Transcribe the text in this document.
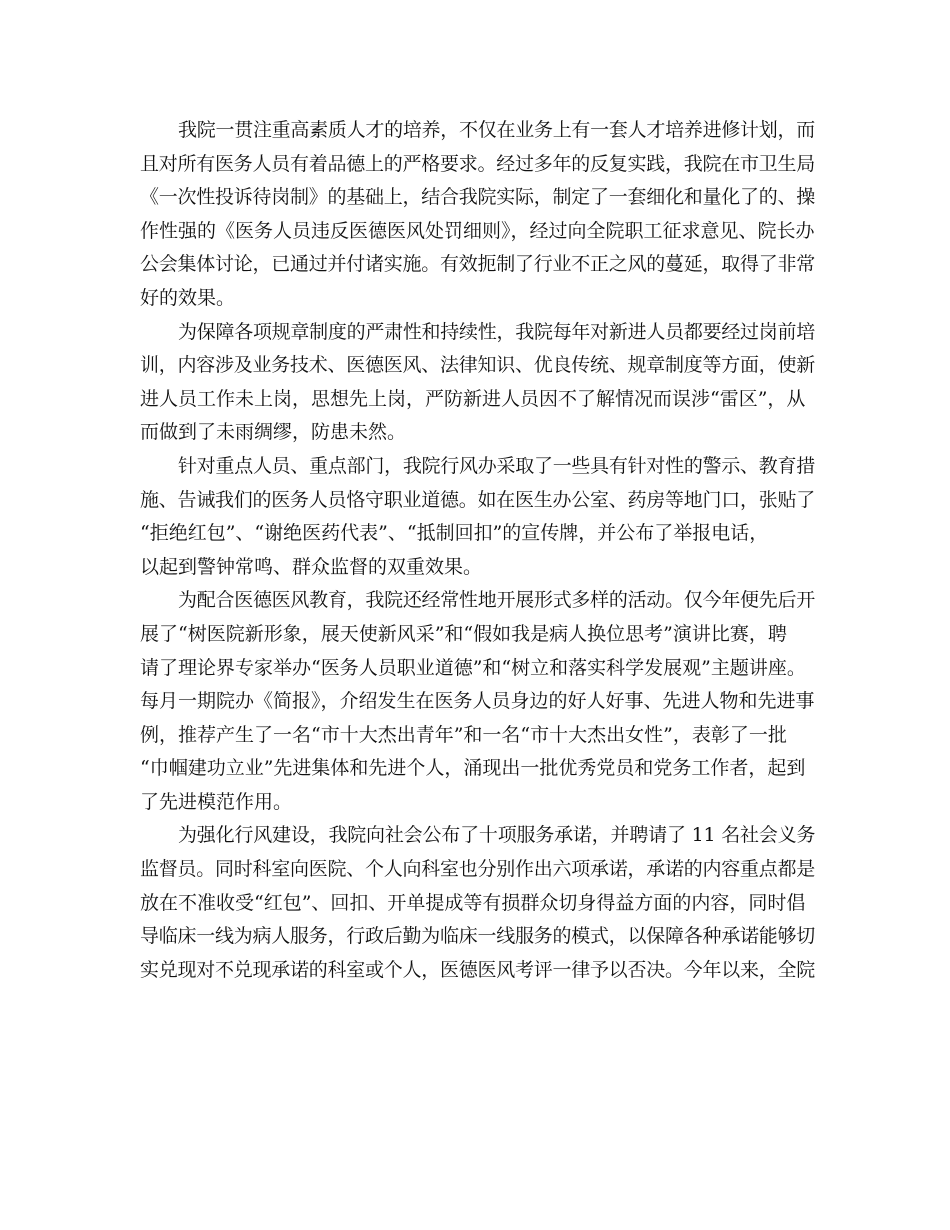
我院一贯注重高素质人才的培养，不仅在业务上有一套人才培养进修计划，而
且对所有医务人员有着品德上的严格要求。经过多年的反复实践，我院在市卫生局
《一次性投诉待岗制》的基础上，结合我院实际，制定了一套细化和量化了的、操
作性强的《医务人员违反医德医风处罚细则》，经过向全院职工征求意见、院长办
公会集体讨论，已通过并付诸实施。有效扼制了行业不正之风的蔓延，取得了非常
好的效果。

为保障各项规章制度的严肃性和持续性，我院每年对新进人员都要经过岗前培
训，内容涉及业务技术、医德医风、法律知识、优良传统、规章制度等方面，使新
进人员工作未上岗，思想先上岗，严防新进人员因不了解情况而误涉“雷区”，从
而做到了未雨绸缪，防患未然。

针对重点人员、重点部门，我院行风办采取了一些具有针对性的警示、教育措
施、告诫我们的医务人员恪守职业道德。如在医生办公室、药房等地门口，张贴了
“拒绝红包”、“谢绝医药代表”、“抵制回扣”的宣传牌，并公布了举报电话，
以起到警钟常鸣、群众监督的双重效果。

为配合医德医风教育，我院还经常性地开展形式多样的活动。仅今年便先后开
展了“树医院新形象，展天使新风采”和“假如我是病人换位思考”演讲比赛，聘
请了理论界专家举办“医务人员职业道德”和“树立和落实科学发展观”主题讲座。
每月一期院办《简报》，介绍发生在医务人员身边的好人好事、先进人物和先进事
例，推荐产生了一名“市十大杰出青年”和一名“市十大杰出女性”，表彰了一批
“巾帼建功立业”先进集体和先进个人，涌现出一批优秀党员和党务工作者，起到
了先进模范作用。

为强化行风建设，我院向社会公布了十项服务承诺，并聘请了 11 名社会义务
监督员。同时科室向医院、个人向科室也分别作出六项承诺，承诺的内容重点都是
放在不准收受“红包”、回扣、开单提成等有损群众切身得益方面的内容，同时倡
导临床一线为病人服务，行政后勤为临床一线服务的模式，以保障各种承诺能够切
实兑现对不兑现承诺的科室或个人，医德医风考评一律予以否决。今年以来，全院
